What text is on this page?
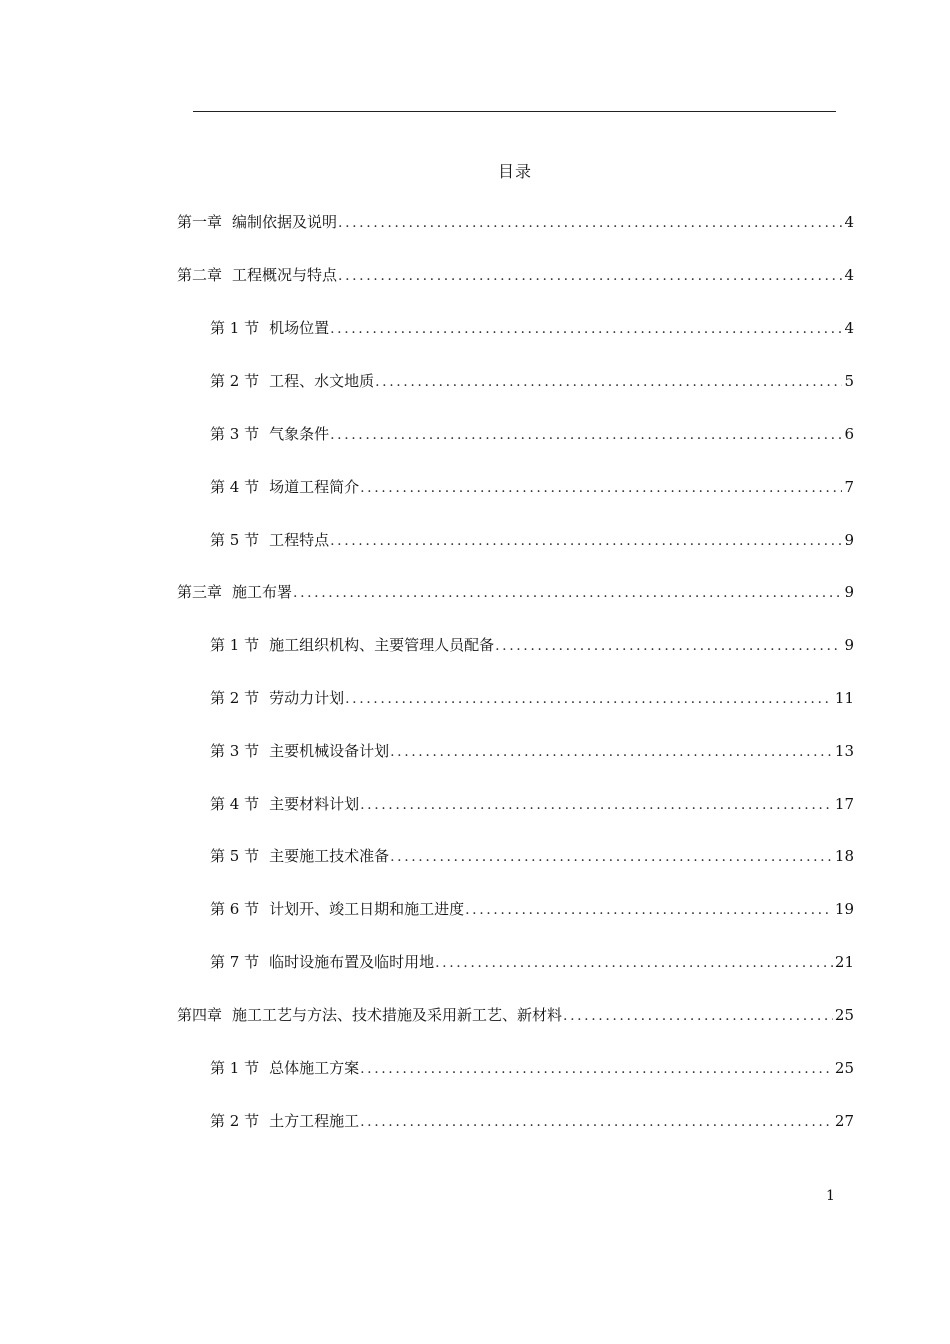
目录
第一章 编制依据及说明 .....	4
第二章 工程概况与特点 .....	4
第 1 节 机场位置 .....	4
第 2 节 工程、水文地质 .....	5
第 3 节 气象条件 .....	6
第 4 节 场道工程简介 .....	7
第 5 节 工程特点 .....	9
第三章 施工布署 .....	9
第 1 节 施工组织机构、主要管理人员配备 .....	9
第 2 节 劳动力计划 .....	11
第 3 节 主要机械设备计划 .....	13
第 4 节 主要材料计划 .....	17
第 5 节 主要施工技术准备 .....	18
第 6 节 计划开、竣工日期和施工进度 .....	19
第 7 节 临时设施布置及临时用地 .....	21
第四章 施工工艺与方法、技术措施及采用新工艺、新材料 .....	25
第 1 节 总体施工方案 .....	25
第 2 节 土方工程施工 .....	27
1
